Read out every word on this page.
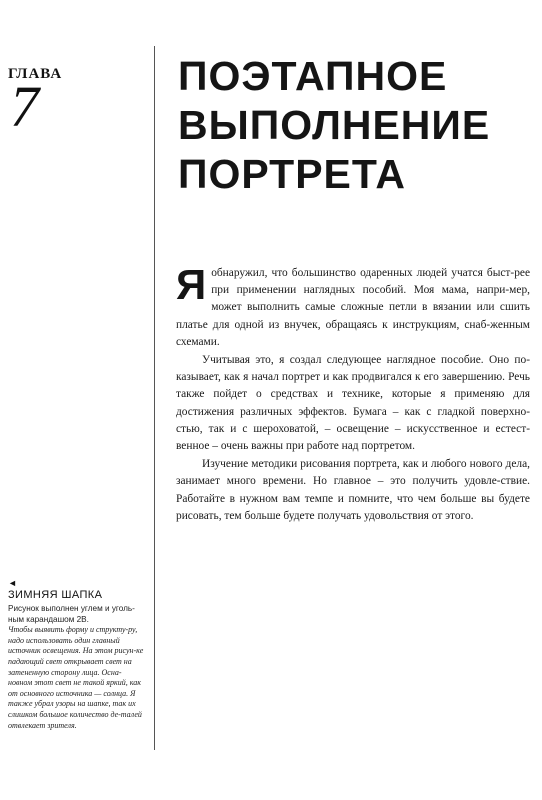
ГЛАВА
7
◄
ЗИМНЯЯ ШАПКА
Рисунок выполнен углем и уголь-ным карандашом 2В.
Чтобы выявить форму и структу-ру, надо использовать один главный источник освещения. На этом рисун-ке падающий свет открывает свет на затененную сторону лица. Осна-новном этот свет не такой яркий, как от основного источника — солнца. Я также убрал узоры на шапке, так их слишком большое количество де-талей отвлекает зрителя.
ПОЭТАПНОЕ
ВЫПОЛНЕНИЕ
ПОРТРЕТА

Я обнаружил, что большинство одаренных людей учатся быст-рее при применении наглядных пособий. Моя мама, напри-мер, может выполнить самые сложные петли в вязании или сшить платье для одной из внучек, обращаясь к инструкциям, снаб-женным схемами.

Учитывая это, я создал следующее наглядное пособие. Оно по-казывает, как я начал портрет и как продвигался к его завершению. Речь также пойдет о средствах и технике, которые я применяю для достижения различных эффектов. Бумага – как с гладкой поверхно-стью, так и с шероховатой, – освещение – искусственное и естест-венное – очень важны при работе над портретом.

Изучение методики рисования портрета, как и любого нового дела, занимает много времени. Но главное – это получить удовле-ствие. Работайте в нужном вам темпе и помните, что чем больше вы будете рисовать, тем больше будете получать удовольствия от этого.
